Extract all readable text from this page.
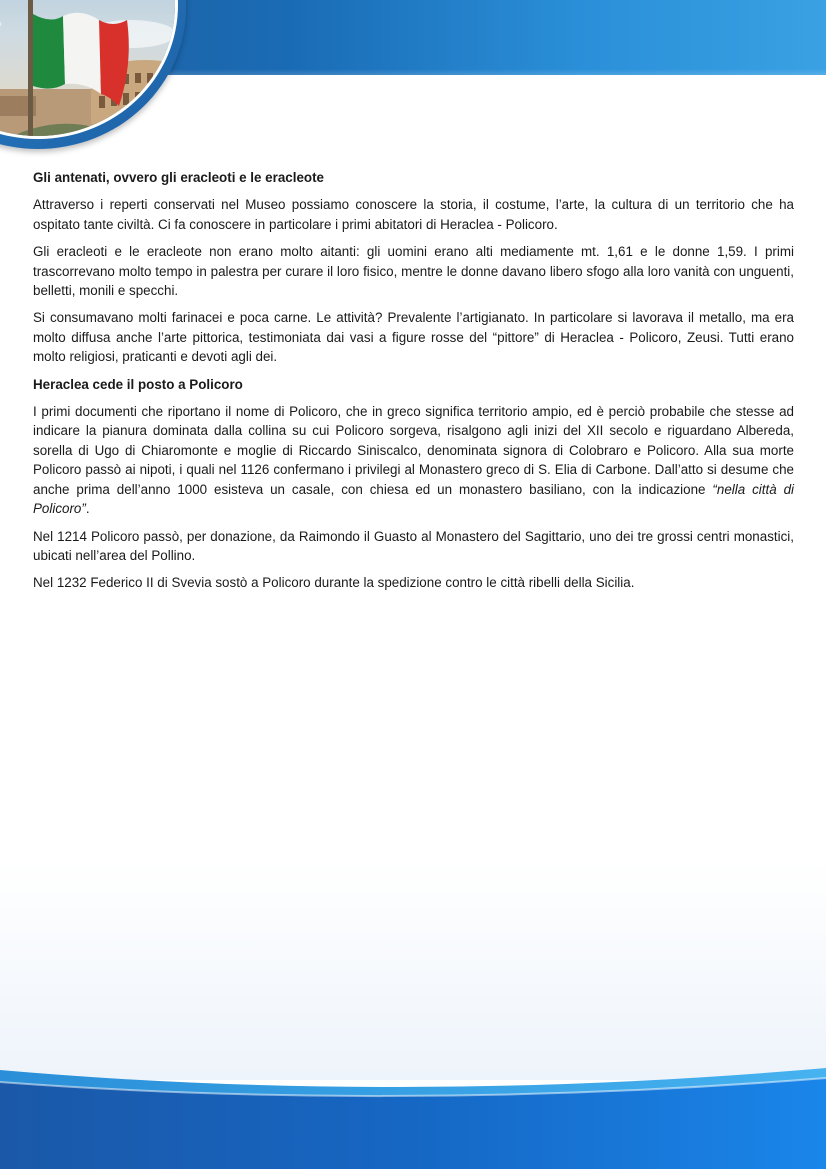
Gli antenati, ovvero gli eracleoti e le eracleote

Attraverso i reperti conservati nel Museo possiamo conoscere la storia, il costume, l’arte, la cultura di un territorio che ha ospitato tante civiltà. Ci fa conoscere in particolare i primi abitatori di Heraclea - Policoro.

Gli eracleoti e le eracleote non erano molto aitanti: gli uomini erano alti mediamente mt. 1,61 e le donne 1,59. I primi trascorrevano molto tempo in palestra per curare il loro fisico, mentre le donne davano libero sfogo alla loro vanità con unguenti, belletti, monili e specchi.

Si consumavano molti farinacei e poca carne. Le attività? Prevalente l’artigianato. In particolare si lavorava il metallo, ma era molto diffusa anche l’arte pittorica, testimoniata dai vasi a figure rosse del “pittore” di Heraclea - Policoro, Zeusi. Tutti erano molto religiosi, praticanti e devoti agli dei.

Heraclea cede il posto a Policoro

I primi documenti che riportano il nome di Policoro, che in greco significa territorio ampio, ed è perciò probabile che stesse ad indicare la pianura dominata dalla collina su cui Policoro sorgeva, risalgono agli inizi del XII secolo e riguardano Albereda, sorella di Ugo di Chiaromonte e moglie di Riccardo Siniscalco, denominata signora di Colobraro e Policoro. Alla sua morte Policoro passò ai nipoti, i quali nel 1126 confermano i privilegi al Monastero greco di S. Elia di Carbone. Dall’atto si desume che anche prima dell’anno 1000 esisteva un casale, con chiesa ed un monastero basiliano, con la indicazione “nella città di Policoro”.

Nel 1214 Policoro passò, per donazione, da Raimondo il Guasto al Monastero del Sagittario, uno dei tre grossi centri monastici, ubicati nell’area del Pollino.

Nel 1232 Federico II di Svevia sostò a Policoro durante la spedizione contro le città ribelli della Sicilia.
